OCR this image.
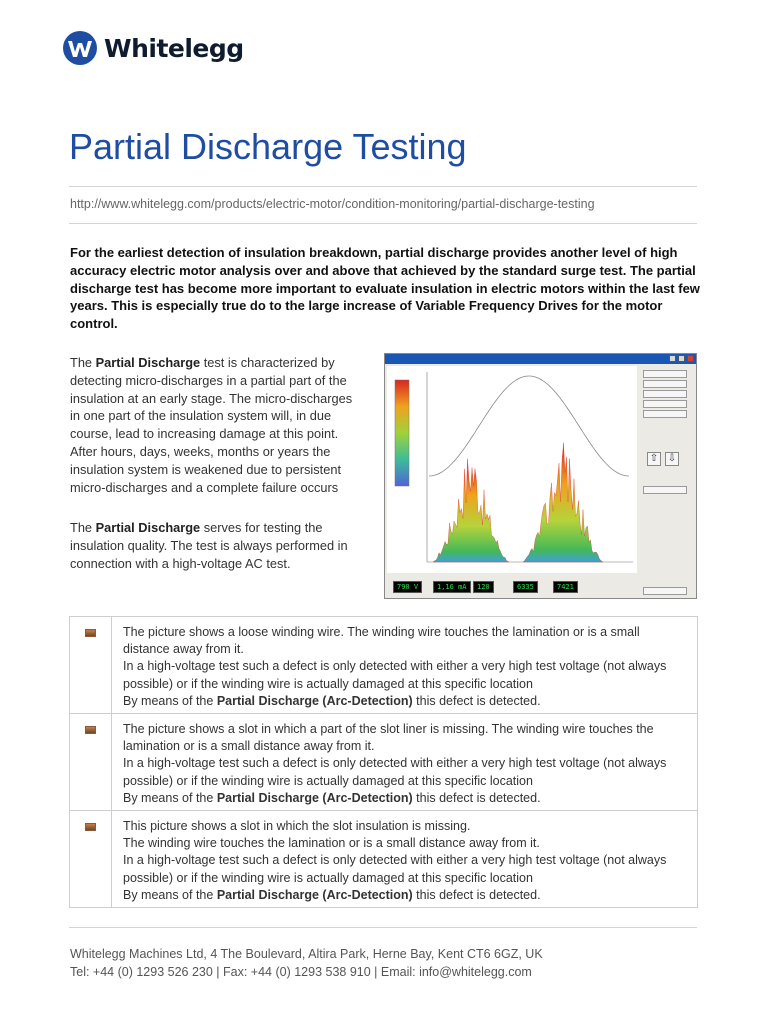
Whitelegg
Partial Discharge Testing
http://www.whitelegg.com/products/electric-motor/condition-monitoring/partial-discharge-testing

For the earliest detection of insulation breakdown, partial discharge provides another level of high accuracy electric motor analysis over and above that achieved by the standard surge test. The partial discharge test has become more important to evaluate insulation in electric motors within the last few years. This is especially true do to the large increase of Variable Frequency Drives for the motor control.

The Partial Discharge test is characterized by detecting micro-discharges in a partial part of the insulation at an early stage. The micro-discharges in one part of the insulation system will, in due course, lead to increasing damage at this point. After hours, days, weeks, months or years the insulation system is weakened due to persistent micro-discharges and a complete failure occurs

The Partial Discharge serves for testing the insulation quality. The test is always performed in connection with a high-voltage AC test.

⇧ ⇩
790 V	1,16 mA	120	6335	7421

	The picture shows a loose winding wire. The winding wire touches the lamination or is a small distance away from it.
In a high-voltage test such a defect is only detected with either a very high test voltage (not always possible) or if the winding wire is actually damaged at this specific location
By means of the Partial Discharge (Arc-Detection) this defect is detected.

	The picture shows a slot in which a part of the slot liner is missing. The winding wire touches the lamination or is a small distance away from it.
In a high-voltage test such a defect is only detected with either a very high test voltage (not always possible) or if the winding wire is actually damaged at this specific location
By means of the Partial Discharge (Arc-Detection) this defect is detected.

	This picture shows a slot in which the slot insulation is missing.
The winding wire touches the lamination or is a small distance away from it.
In a high-voltage test such a defect is only detected with either a very high test voltage (not always possible) or if the winding wire is actually damaged at this specific location
By means of the Partial Discharge (Arc-Detection) this defect is detected.
Whitelegg Machines Ltd, 4 The Boulevard, Altira Park, Herne Bay, Kent CT6 6GZ, UK
Tel: +44 (0) 1293 526 230 | Fax: +44 (0) 1293 538 910 | Email: info@whitelegg.com
